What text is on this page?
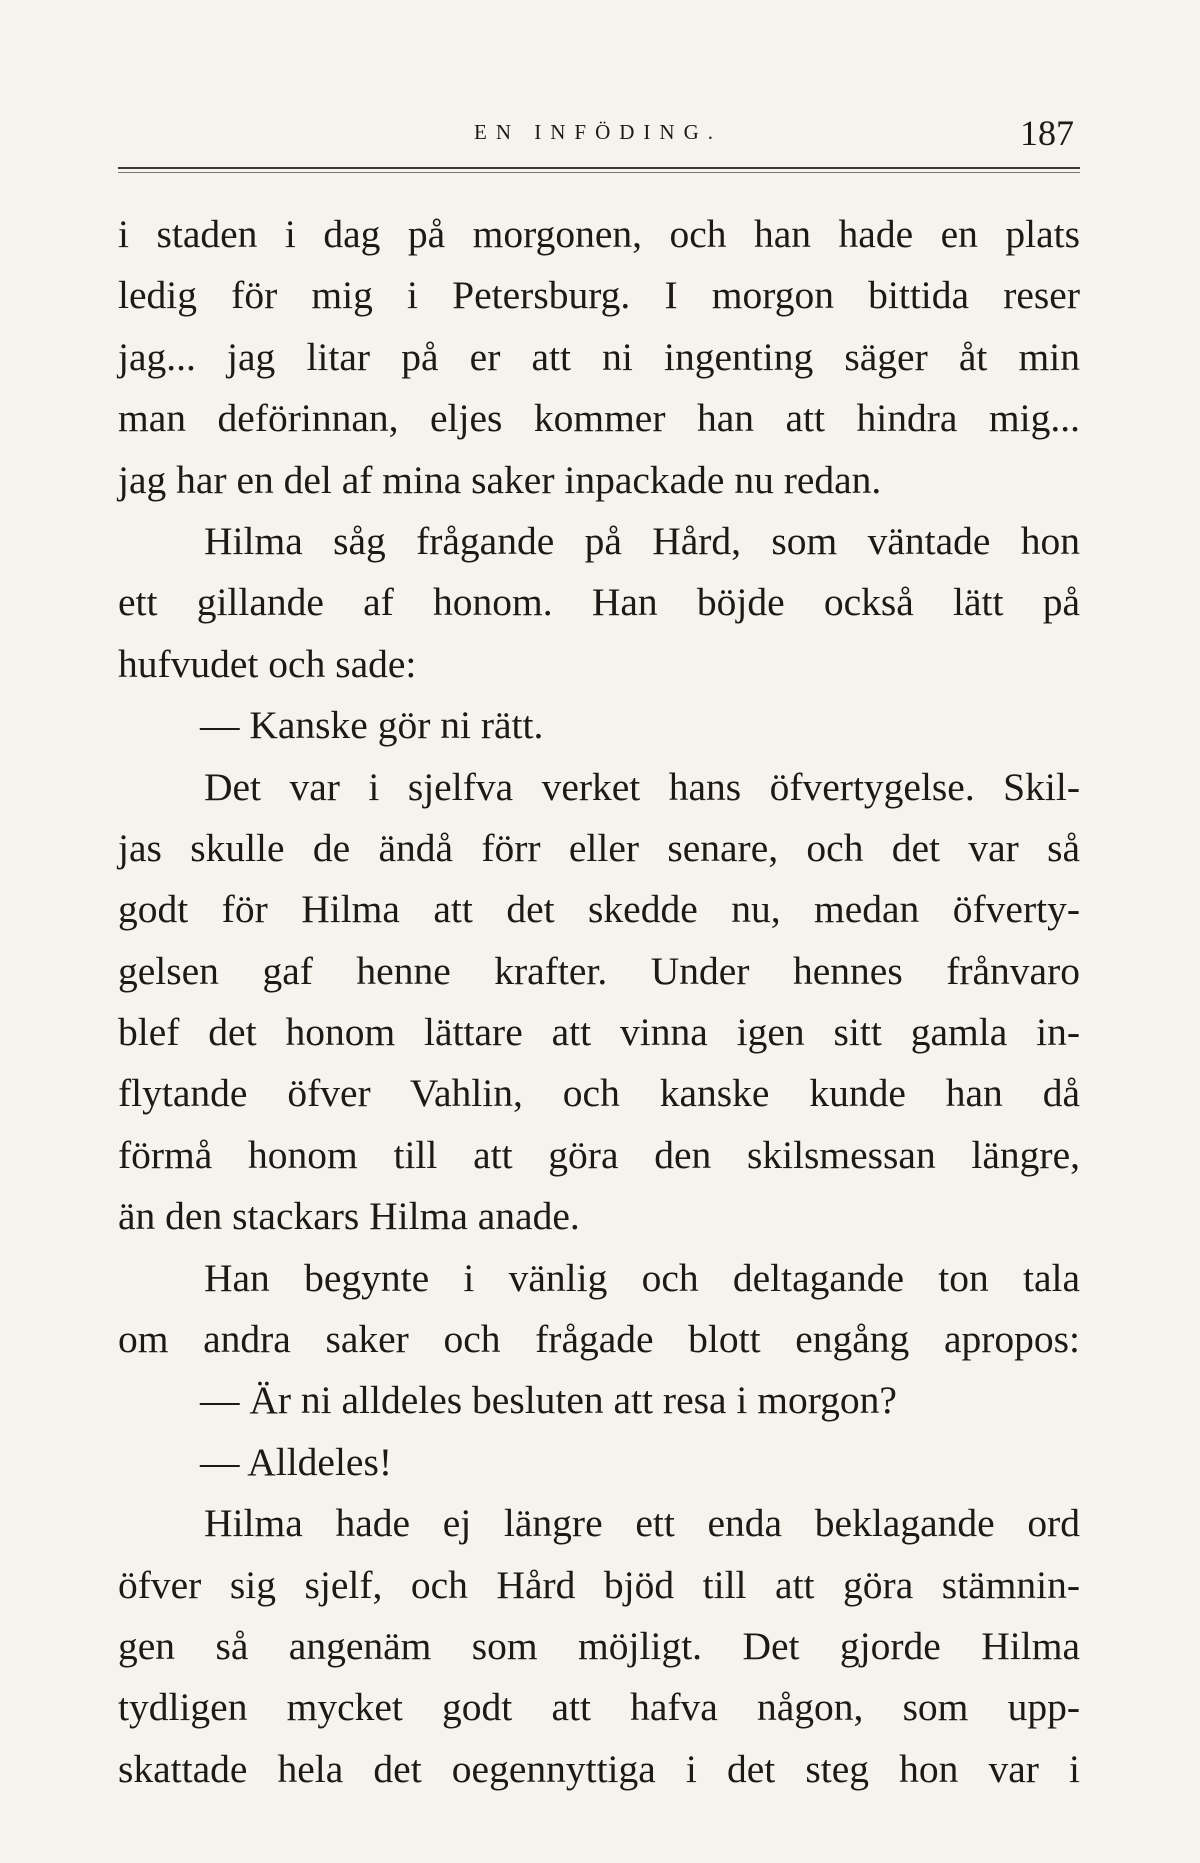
EN INFÖDING.	187
i staden i dag på morgonen, och han hade en plats
ledig för mig i Petersburg. I morgon bittida reser
jag... jag litar på er att ni ingenting säger åt min
man deförinnan, eljes kommer han att hindra mig...
jag har en del af mina saker inpackade nu redan.
Hilma såg frågande på Hård, som väntade hon
ett gillande af honom. Han böjde också lätt på
hufvudet och sade:
— Kanske gör ni rätt.
Det var i sjelfva verket hans öfvertygelse. Skil-
jas skulle de ändå förr eller senare, och det var så
godt för Hilma att det skedde nu, medan öfverty-
gelsen gaf henne krafter. Under hennes frånvaro
blef det honom lättare att vinna igen sitt gamla in-
flytande öfver Vahlin, och kanske kunde han då
förmå honom till att göra den skilsmessan längre,
än den stackars Hilma anade.
Han begynte i vänlig och deltagande ton tala
om andra saker och frågade blott engång apropos:
— Är ni alldeles besluten att resa i morgon?
— Alldeles!
Hilma hade ej längre ett enda beklagande ord
öfver sig sjelf, och Hård bjöd till att göra stämnin-
gen så angenäm som möjligt. Det gjorde Hilma
tydligen mycket godt att hafva någon, som upp-
skattade hela det oegennyttiga i det steg hon var i
